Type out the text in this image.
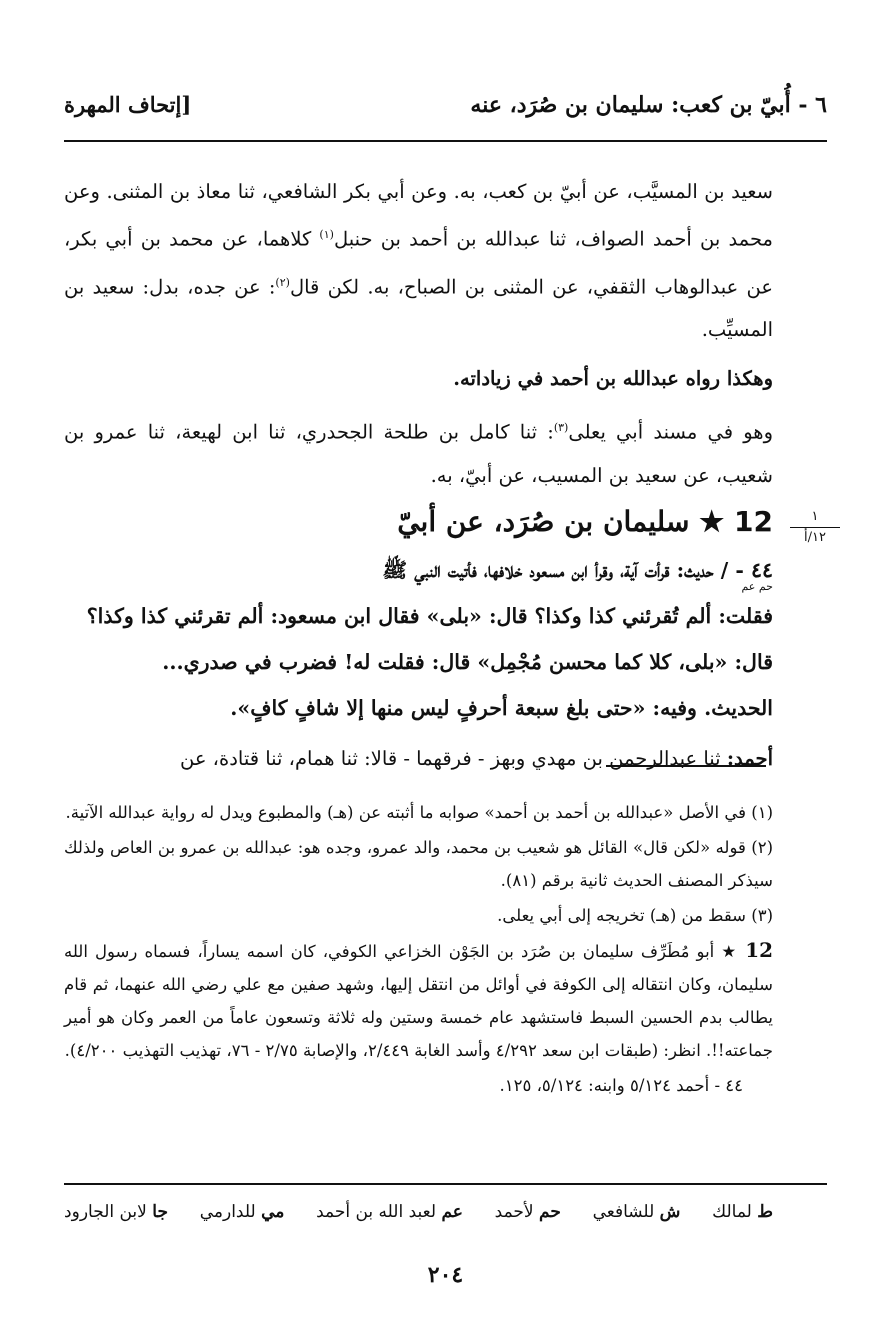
٦ - أُبيّ بن كعب: سليمان بن صُرَد، عنه
[إتحاف المهرة
١
١٢/أ

سعيد بن المسيَّب، عن أبيّ بن كعب، به. وعن أبي بكر الشافعي، ثنا معاذ بن المثنى. وعن محمد بن أحمد الصواف، ثنا عبدالله بن أحمد بن حنبل$^{(١)}$ كلاهما، عن محمد بن أبي بكر، عن عبدالوهاب الثقفي، عن المثنى بن الصباح، به. لكن قال$^{(٢)}$: عن جده، بدل: سعيد بن المسيِّب.

وهكذا رواه عبدالله بن أحمد في زياداته.

وهو في مسند أبي يعلى$^{(٣)}$: ثنا كامل بن طلحة الجحدري، ثنا ابن لهيعة، ثنا عمرو بن شعيب، عن سعيد بن المسيب، عن أبيّ، به.

12 ★ سليمان بن صُرَد، عن أبيّ

٤٤ - / حديث: قرأت آية، وقرأ ابن مسعود خلافها، فأتيت النبي ﷺ

حم عم
فقلت: ألم تُقرئني كذا وكذا؟ قال: «بلى» فقال ابن مسعود: ألم تقرئني كذا وكذا؟

قال: «بلى، كلا كما محسن مُجْمِل» قال: فقلت له! فضرب في صدري...

الحديث. وفيه: «حتى بلغ سبعة أحرفٍ ليس منها إلا شافٍ كافٍ».

أحمد: ثنا عبدالرحمن بن مهدي وبهز - فرقهما - قالا: ثنا همام، ثنا قتادة، عن

(١) في الأصل «عبدالله بن أحمد بن أحمد» صوابه ما أثبته عن (هـ) والمطبوع ويدل له رواية عبدالله الآتية.

(٢) قوله «لكن قال» القائل هو شعيب بن محمد، والد عمرو، وجده هو: عبدالله بن عمرو بن العاص ولذلك سيذكر المصنف الحديث ثانية برقم (٨١).

(٣) سقط من (هـ) تخريجه إلى أبي يعلى.

12 ★ أبو مُطَرِّف سليمان بن صُرَد بن الجَوْن الخزاعي الكوفي، كان اسمه يساراً، فسماه رسول الله سليمان، وكان انتقاله إلى الكوفة في أوائل من انتقل إليها، وشهد صفين مع علي رضي الله عنهما، ثم قام يطالب بدم الحسين السبط فاستشهد عام خمسة وستين وله ثلاثة وتسعون عاماً من العمر وكان هو أمير جماعته!!. انظر: (طبقات ابن سعد ٤/٢٩٢ وأسد الغابة ٢/٤٤٩، والإصابة ٢/٧٥ - ٧٦، تهذيب التهذيب ٤/٢٠٠).

٤٤ - أحمد ٥/١٢٤ وابنه: ٥/١٢٤، ١٢٥.

ط لمالك
ش للشافعي
حم لأحمد
عم لعبد الله بن أحمد
مي للدارمي
جا لابن الجارود
٢٠٤
